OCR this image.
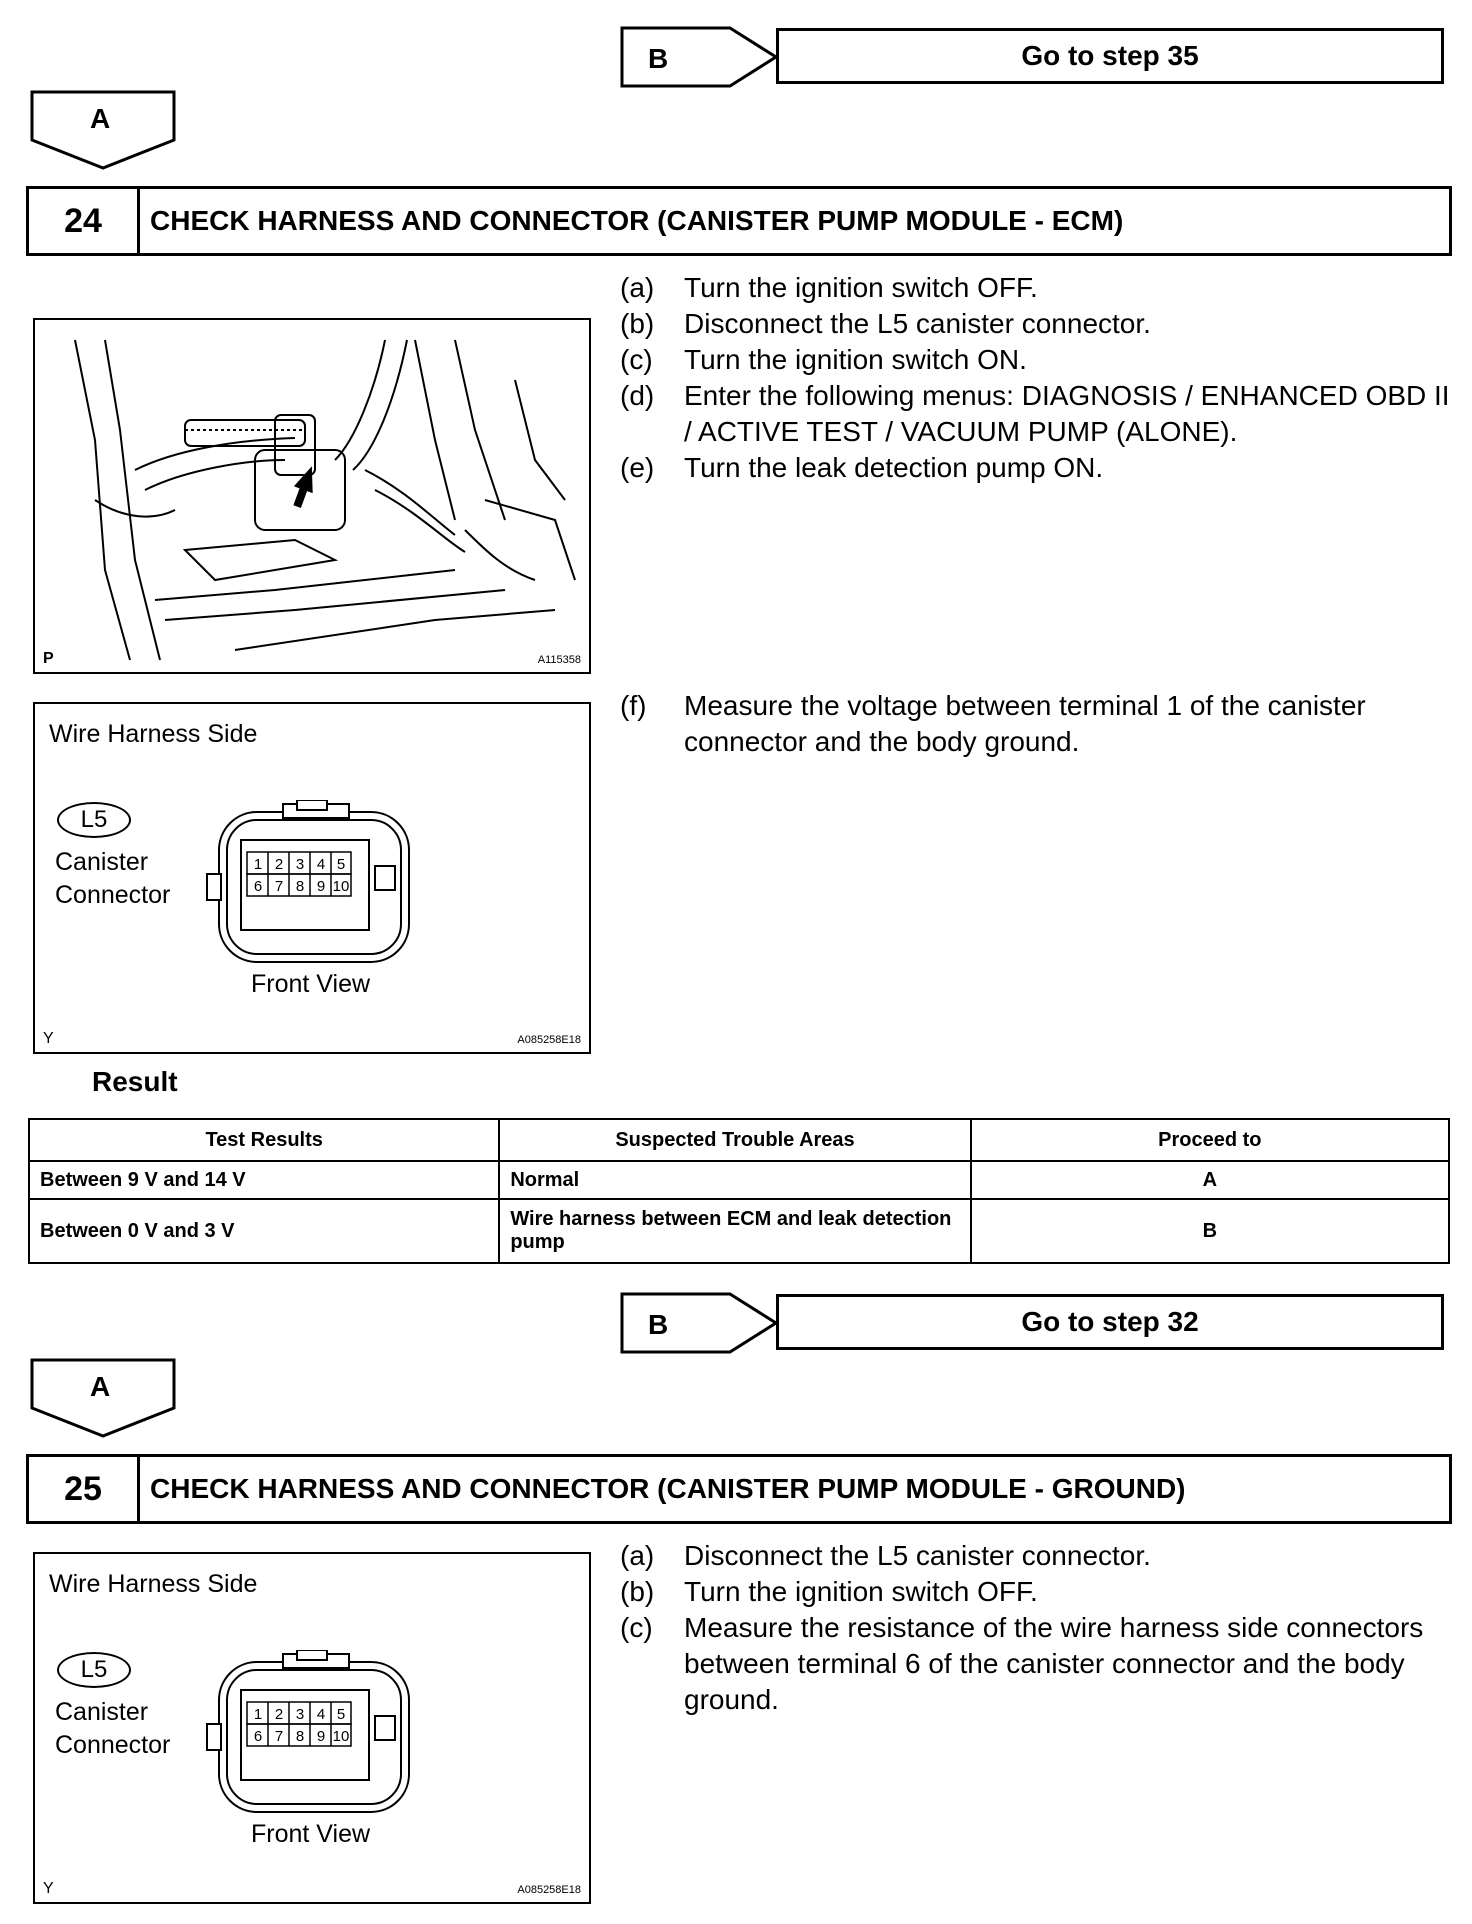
B	Go to step 35
A
24	CHECK HARNESS AND CONNECTOR (CANISTER PUMP MODULE - ECM)
P	A115358
(a)	Turn the ignition switch OFF.
(b)	Disconnect the L5 canister connector.
(c)	Turn the ignition switch ON.
(d)	Enter the following menus: DIAGNOSIS / ENHANCED OBD II / ACTIVE TEST / VACUUM PUMP (ALONE).
(e)	Turn the leak detection pump ON.
Wire Harness Side
L5
Canister
Connector
1 2 3 4 5
6 7 8 9 10
Front View
Y	A085258E18
(f)	Measure the voltage between terminal 1 of the canister connector and the body ground.
Result
Test Results	Suspected Trouble Areas	Proceed to
Between 9 V and 14 V	Normal	A
Between 0 V and 3 V	Wire harness between ECM and leak detection pump	B
B	Go to step 32
A
25	CHECK HARNESS AND CONNECTOR (CANISTER PUMP MODULE - GROUND)
Wire Harness Side
L5
Canister
Connector
1 2 3 4 5
6 7 8 9 10
Front View
Y	A085258E18
(a)	Disconnect the L5 canister connector.
(b)	Turn the ignition switch OFF.
(c)	Measure the resistance of the wire harness side connectors between terminal 6 of the canister connector and the body ground.
